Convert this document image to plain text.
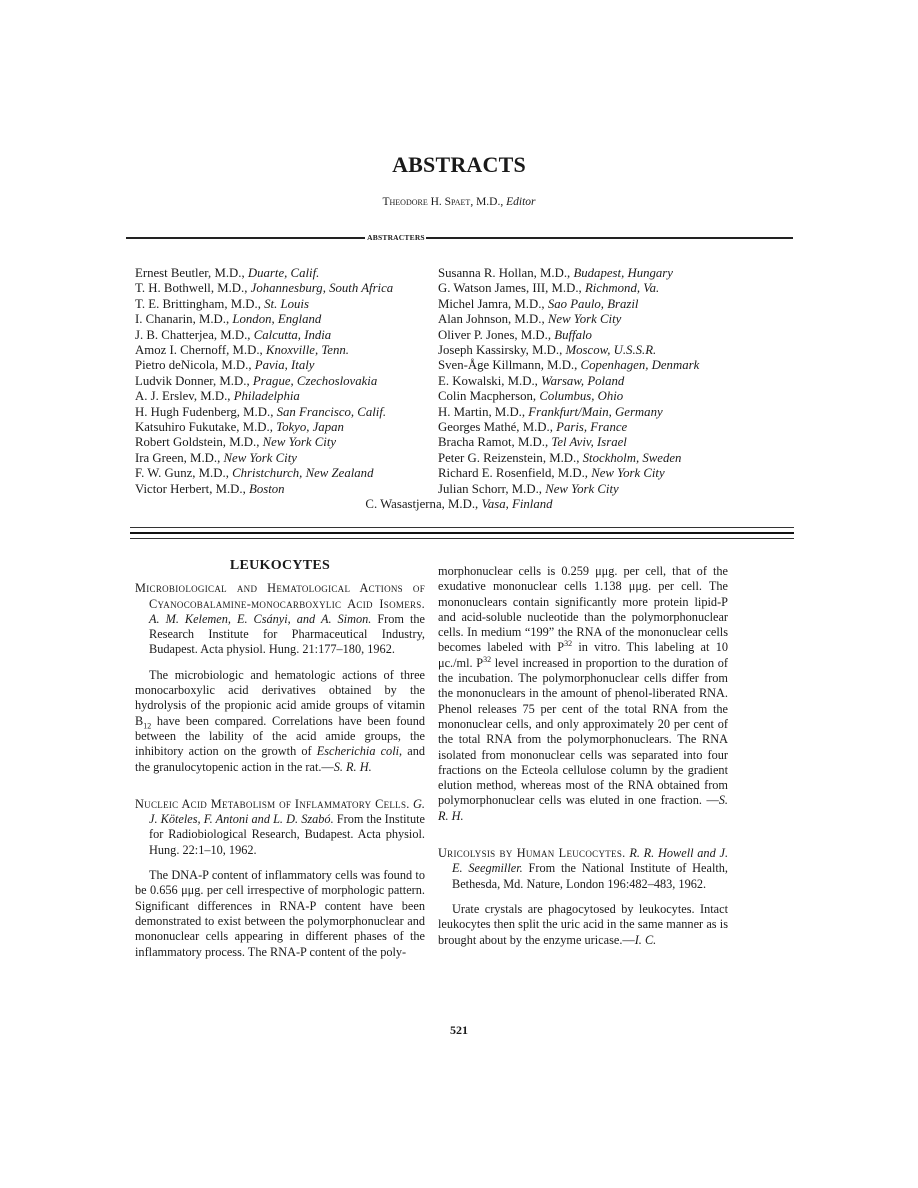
ABSTRACTS
Theodore H. Spaet, M.D., Editor
ABSTRACTERS
Ernest Beutler, M.D., Duarte, Calif.
T. H. Bothwell, M.D., Johannesburg, South Africa
T. E. Brittingham, M.D., St. Louis
I. Chanarin, M.D., London, England
J. B. Chatterjea, M.D., Calcutta, India
Amoz I. Chernoff, M.D., Knoxville, Tenn.
Pietro deNicola, M.D., Pavia, Italy
Ludvik Donner, M.D., Prague, Czechoslovakia
A. J. Erslev, M.D., Philadelphia
H. Hugh Fudenberg, M.D., San Francisco, Calif.
Katsuhiro Fukutake, M.D., Tokyo, Japan
Robert Goldstein, M.D., New York City
Ira Green, M.D., New York City
F. W. Gunz, M.D., Christchurch, New Zealand
Victor Herbert, M.D., Boston
Susanna R. Hollan, M.D., Budapest, Hungary
G. Watson James, III, M.D., Richmond, Va.
Michel Jamra, M.D., Sao Paulo, Brazil
Alan Johnson, M.D., New York City
Oliver P. Jones, M.D., Buffalo
Joseph Kassirsky, M.D., Moscow, U.S.S.R.
Sven-Åge Killmann, M.D., Copenhagen, Denmark
E. Kowalski, M.D., Warsaw, Poland
Colin Macpherson, Columbus, Ohio
H. Martin, M.D., Frankfurt/Main, Germany
Georges Mathé, M.D., Paris, France
Bracha Ramot, M.D., Tel Aviv, Israel
Peter G. Reizenstein, M.D., Stockholm, Sweden
Richard E. Rosenfield, M.D., New York City
Julian Schorr, M.D., New York City
C. Wasastjerna, M.D., Vasa, Finland
LEUKOCYTES
Microbiological and Hematological Actions of Cyanocobalamine-monocarboxylic Acid Isomers. A. M. Kelemen, E. Csányi, and A. Simon. From the Research Institute for Pharmaceutical Industry, Budapest. Acta physiol. Hung. 21:177–180, 1962.
The microbiologic and hematologic actions of three monocarboxylic acid derivatives obtained by the hydrolysis of the propionic acid amide groups of vitamin $B_{12}$ have been compared. Correlations have been found between the lability of the acid amide groups, the inhibitory action on the growth of Escherichia coli, and the granulocytopenic action in the rat.—S. R. H.
Nucleic Acid Metabolism of Inflammatory Cells. G. J. Köteles, F. Antoni and L. D. Szabó. From the Institute for Radiobiological Research, Budapest. Acta physiol. Hung. 22:1–10, 1962.
The DNA-P content of inflammatory cells was found to be 0.656 μμg. per cell irrespective of morphologic pattern. Significant differences in RNA-P content have been demonstrated to exist between the polymorphonuclear and mononuclear cells appearing in different phases of the inflammatory process. The RNA-P content of the poly-
morphonuclear cells is 0.259 μμg. per cell, that of the exudative mononuclear cells 1.138 μμg. per cell. The mononuclears contain significantly more protein lipid-P and acid-soluble nucleotide than the polymorphonuclear cells. In medium “199” the RNA of the mononuclear cells becomes labeled with $P^{32}$ in vitro. This labeling at 10 μc./ml. $P^{32}$ level increased in proportion to the duration of the incubation. The polymorphonuclear cells differ from the mononuclears in the amount of phenol-liberated RNA. Phenol releases 75 per cent of the total RNA from the mononuclear cells, and only approximately 20 per cent of the total RNA from the polymorphonuclears. The RNA isolated from mononuclear cells was separated into four fractions on the Ecteola cellulose column by the gradient elution method, whereas most of the RNA obtained from polymorphonuclear cells was eluted in one fraction. —S. R. H.
Uricolysis by Human Leucocytes. R. R. Howell and J. E. Seegmiller. From the National Institute of Health, Bethesda, Md. Nature, London 196:482–483, 1962.
Urate crystals are phagocytosed by leukocytes. Intact leukocytes then split the uric acid in the same manner as is brought about by the enzyme uricase.—I. C.
521
